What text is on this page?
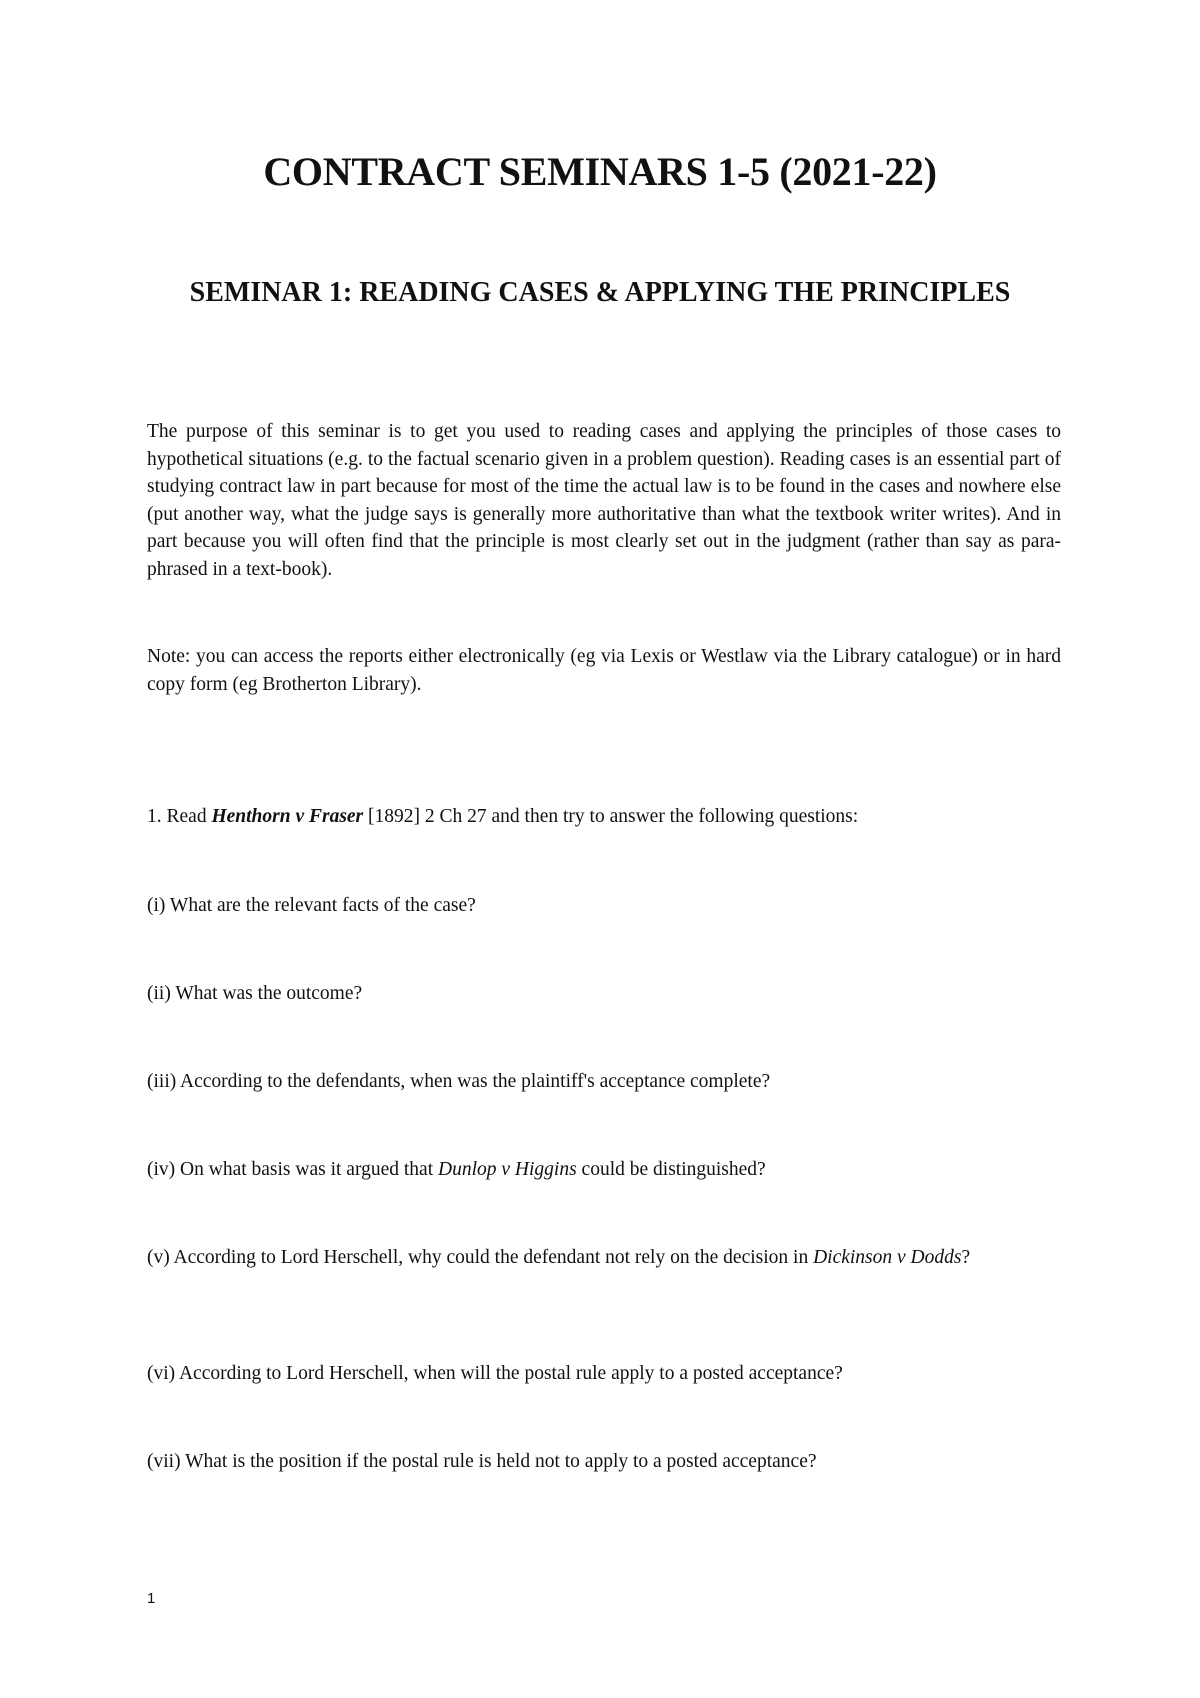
CONTRACT SEMINARS 1-5 (2021-22)
SEMINAR 1: READING CASES & APPLYING THE PRINCIPLES
The purpose of this seminar is to get you used to reading cases and applying the principles of those cases to hypothetical situations (e.g. to the factual scenario given in a problem question). Reading cases is an essential part of studying contract law in part because for most of the time the actual law is to be found in the cases and nowhere else (put another way, what the judge says is generally more authoritative than what the textbook writer writes). And in part because you will often find that the principle is most clearly set out in the judgment (rather than say as para-phrased in a text-book).
Note: you can access the reports either electronically (eg via Lexis or Westlaw via the Library catalogue) or in hard copy form (eg Brotherton Library).
1. Read Henthorn v Fraser [1892] 2 Ch 27 and then try to answer the following questions:
(i) What are the relevant facts of the case?
(ii) What was the outcome?
(iii) According to the defendants, when was the plaintiff's acceptance complete?
(iv) On what basis was it argued that Dunlop v Higgins could be distinguished?
(v) According to Lord Herschell, why could the defendant not rely on the decision in Dickinson v Dodds?
(vi) According to Lord Herschell, when will the postal rule apply to a posted acceptance?
(vii) What is the position if the postal rule is held not to apply to a posted acceptance?
1
